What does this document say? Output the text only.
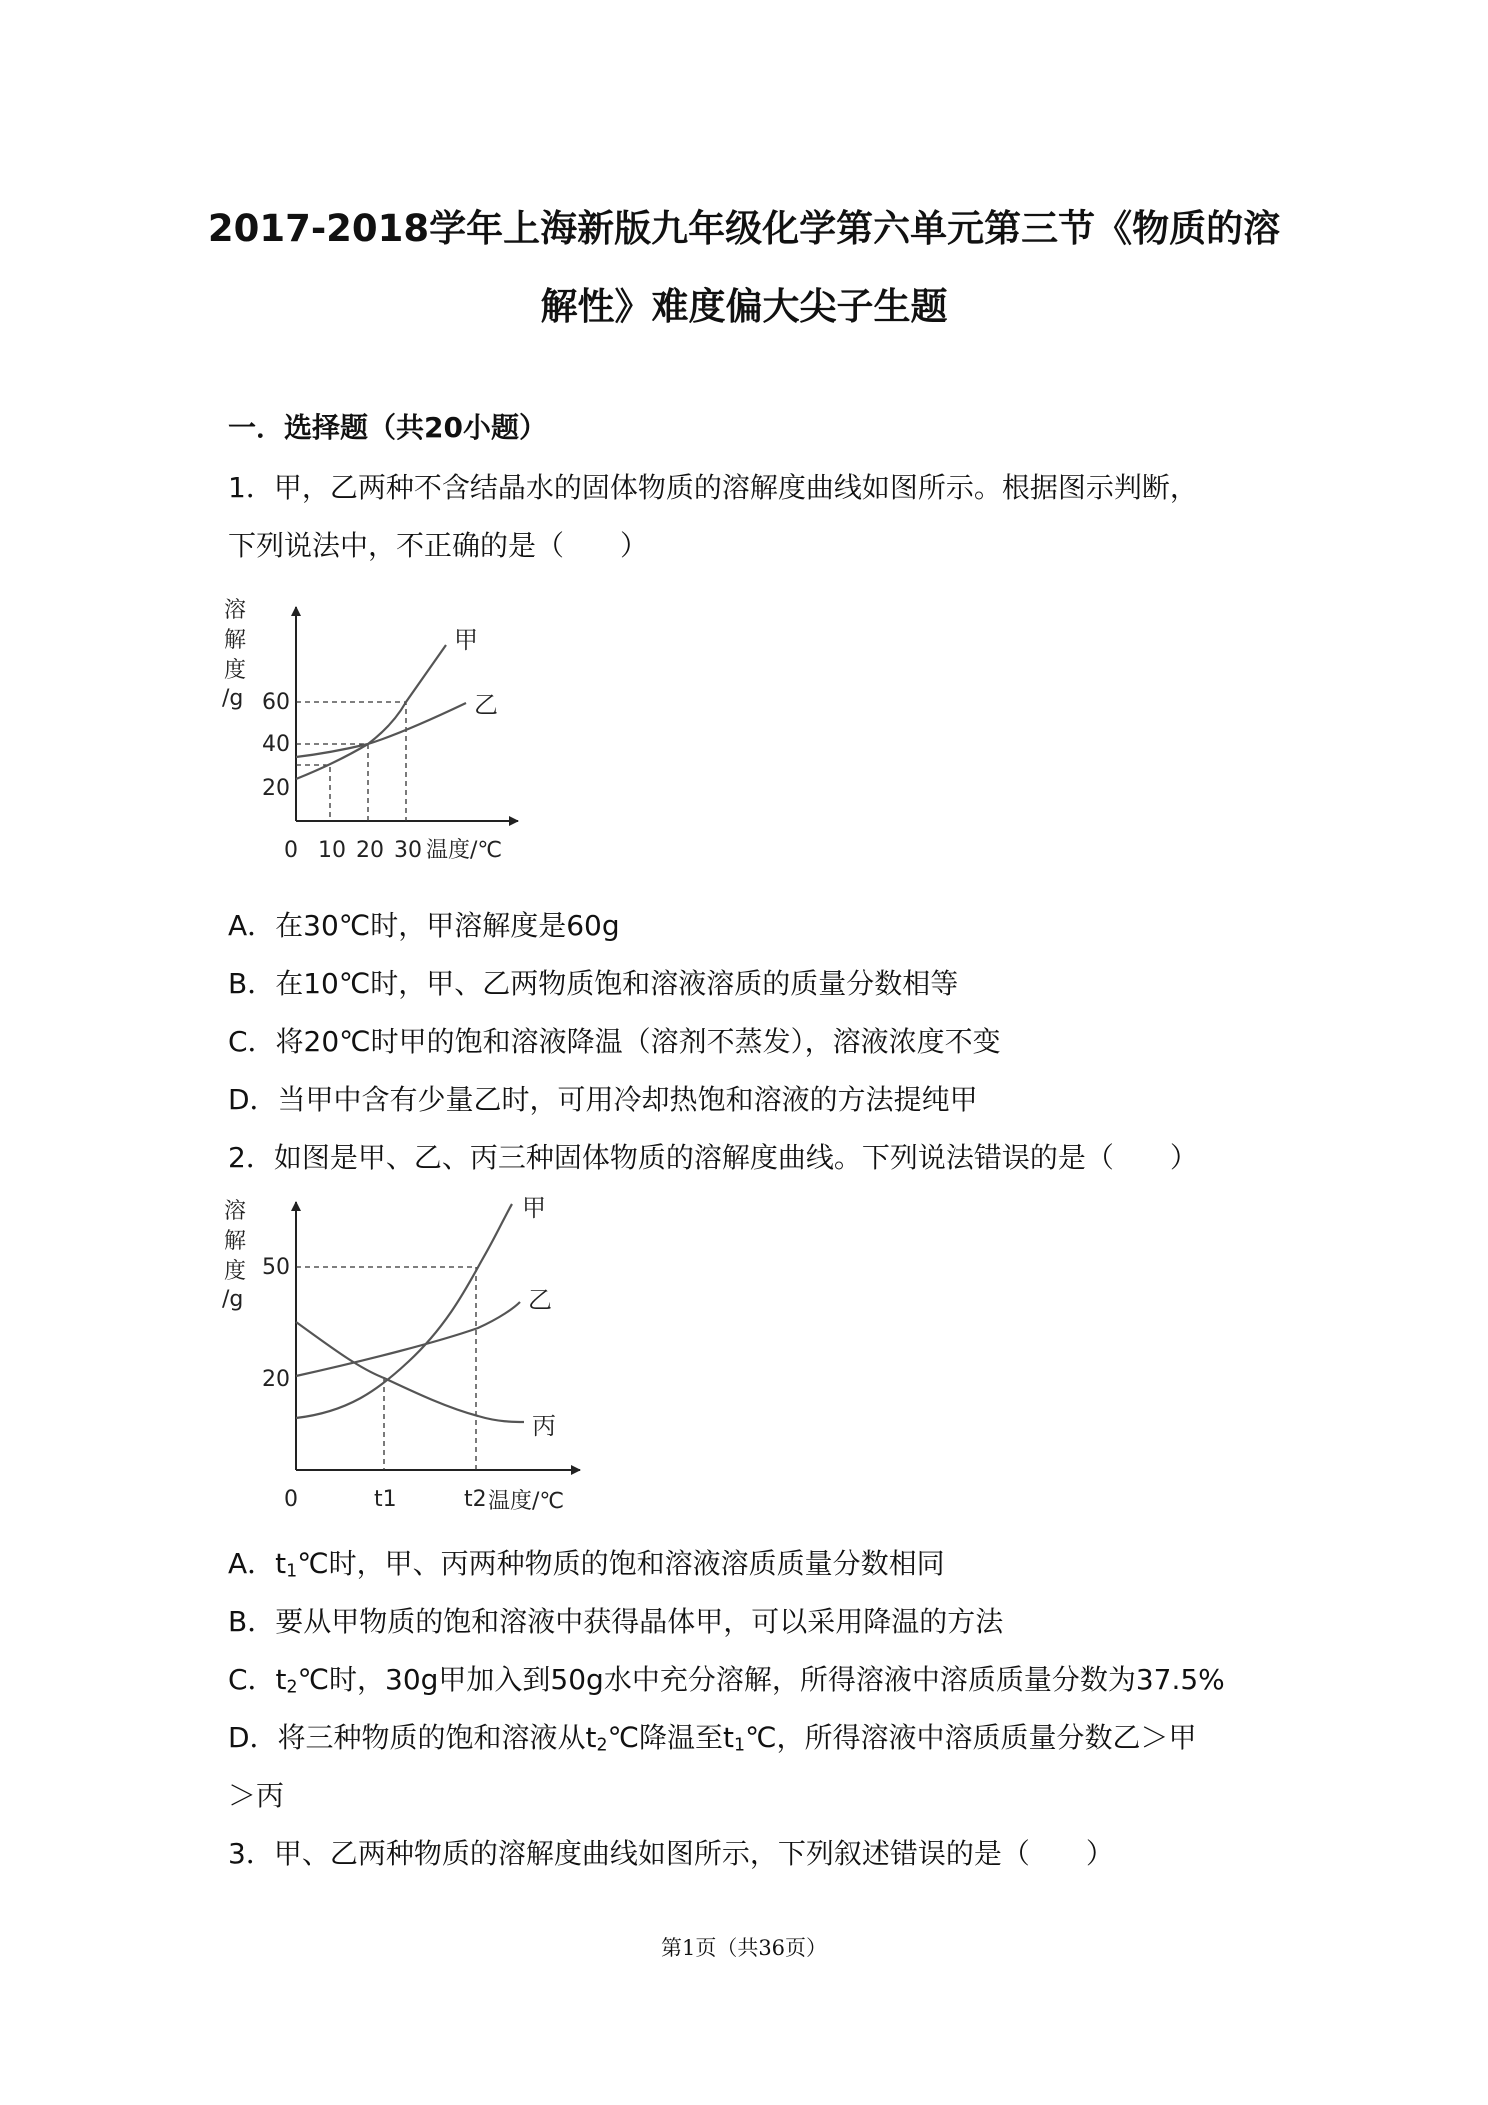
2017-2018学年上海新版九年级化学第六单元第三节《物质的溶
解性》难度偏大尖子生题
一．选择题（共20小题）
1．甲，乙两种不含结晶水的固体物质的溶解度曲线如图所示。根据图示判断，
下列说法中，不正确的是（　　）
溶
解
度
/g 60
40
20
0 10 20 30 温度/℃
甲
乙
A．在30℃时，甲溶解度是60g
B．在10℃时，甲、乙两物质饱和溶液溶质的质量分数相等
C．将20℃时甲的饱和溶液降温（溶剂不蒸发），溶液浓度不变
D．当甲中含有少量乙时，可用冷却热饱和溶液的方法提纯甲
2．如图是甲、乙、丙三种固体物质的溶解度曲线。下列说法错误的是（　　）
溶
解
度
/g
50
20
0	t1	t2 温度/℃
甲
乙
丙
A．$t_1℃$时，甲、丙两种物质的饱和溶液溶质质量分数相同
B．要从甲物质的饱和溶液中获得晶体甲，可以采用降温的方法
C．$t_2℃$时，30g甲加入到50g水中充分溶解，所得溶液中溶质质量分数为37.5%
D．将三种物质的饱和溶液从$t_2℃$降温至$t_1℃$，所得溶液中溶质质量分数乙＞甲
＞丙
3．甲、乙两种物质的溶解度曲线如图所示，下列叙述错误的是（　　）
第1页（共36页）
